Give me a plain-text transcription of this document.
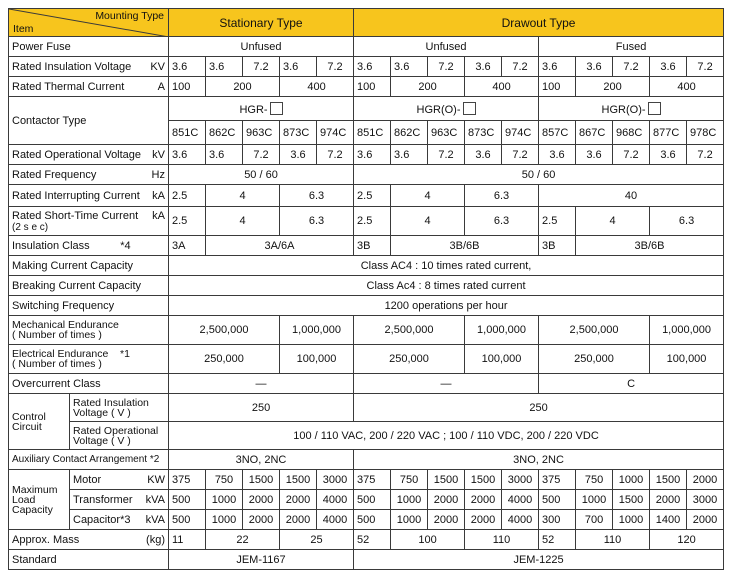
Mounting Type
Item		Stationary Type					Drawout Type									
Power Fuse		Unfused					Unfused					Fused				

Rated Insulation Voltage KV		3.6	3.6	7.2	3.6	7.2	3.6	3.6	7.2	3.6	7.2	3.6	3.6	7.2	3.6	7.2

Rated Thermal Current A		100	200		400		100	200		400		100	200		400	
Contactor Type		HGR-					HGR(O)-					HGR(O)-				
		851C	862C	963C	873C	974C	851C	862C	963C	873C	974C	857C	867C	968C	877C	978C

Rated Operational Voltage kV		3.6	3.6	7.2	3.6	7.2	3.6	3.6	7.2	3.6	7.2	3.6	3.6	7.2	3.6	7.2

Rated Frequency Hz		50 / 60					50 / 60									

Rated Interrupting Current kA		2.5	4		6.3		2.5	4		6.3		40				

Rated Short-Time Current kA
(2 s e c)		2.5	4		6.3		2.5	4		6.3		2.5	4		6.3	
Insulation Class *4		3A	3A/6A				3B	3B/6B				3B	3B/6B			
Making Current Capacity		Class AC4 : 10 times rated current,														
Breaking Current Capacity		Class Ac4 : 8 times rated current														
Switching Frequency		1200 operations per hour														

Mechanical Endurance
( Number of times )		2,500,000			1,000,000		2,500,000			1,000,000		2,500,000			1,000,000	

Electrical Endurance *1
( Number of times )		250,000			100,000		250,000			100,000		250,000			100,000	
Overcurrent Class		—					—					C				

Control
Circuit	Rated Insulation
Voltage ( V )	250					250									

	Rated Operational
Voltage ( V )	100 / 110 VAC, 200 / 220 VAC ; 100 / 110 VDC, 200 / 220 VDC														
Auxiliary Contact Arrangement *2		3NO, 2NC					3NO, 2NC									

Maximum
Load
Capacity	Motor KW	375	750	1500	1500	3000	375	750	1500	1500	3000	375	750	1000	1500	2000

	Transformer kVA	500	1000	2000	2000	4000	500	1000	2000	2000	4000	500	1000	1500	2000	3000

	Capacitor*3 kVA	500	1000	2000	2000	4000	500	1000	2000	2000	4000	300	700	1000	1400	2000

Approx. Mass (kg)		11	22		25		52	100		110		52	110		120	
Standard		JEM-1167					JEM-1225									
